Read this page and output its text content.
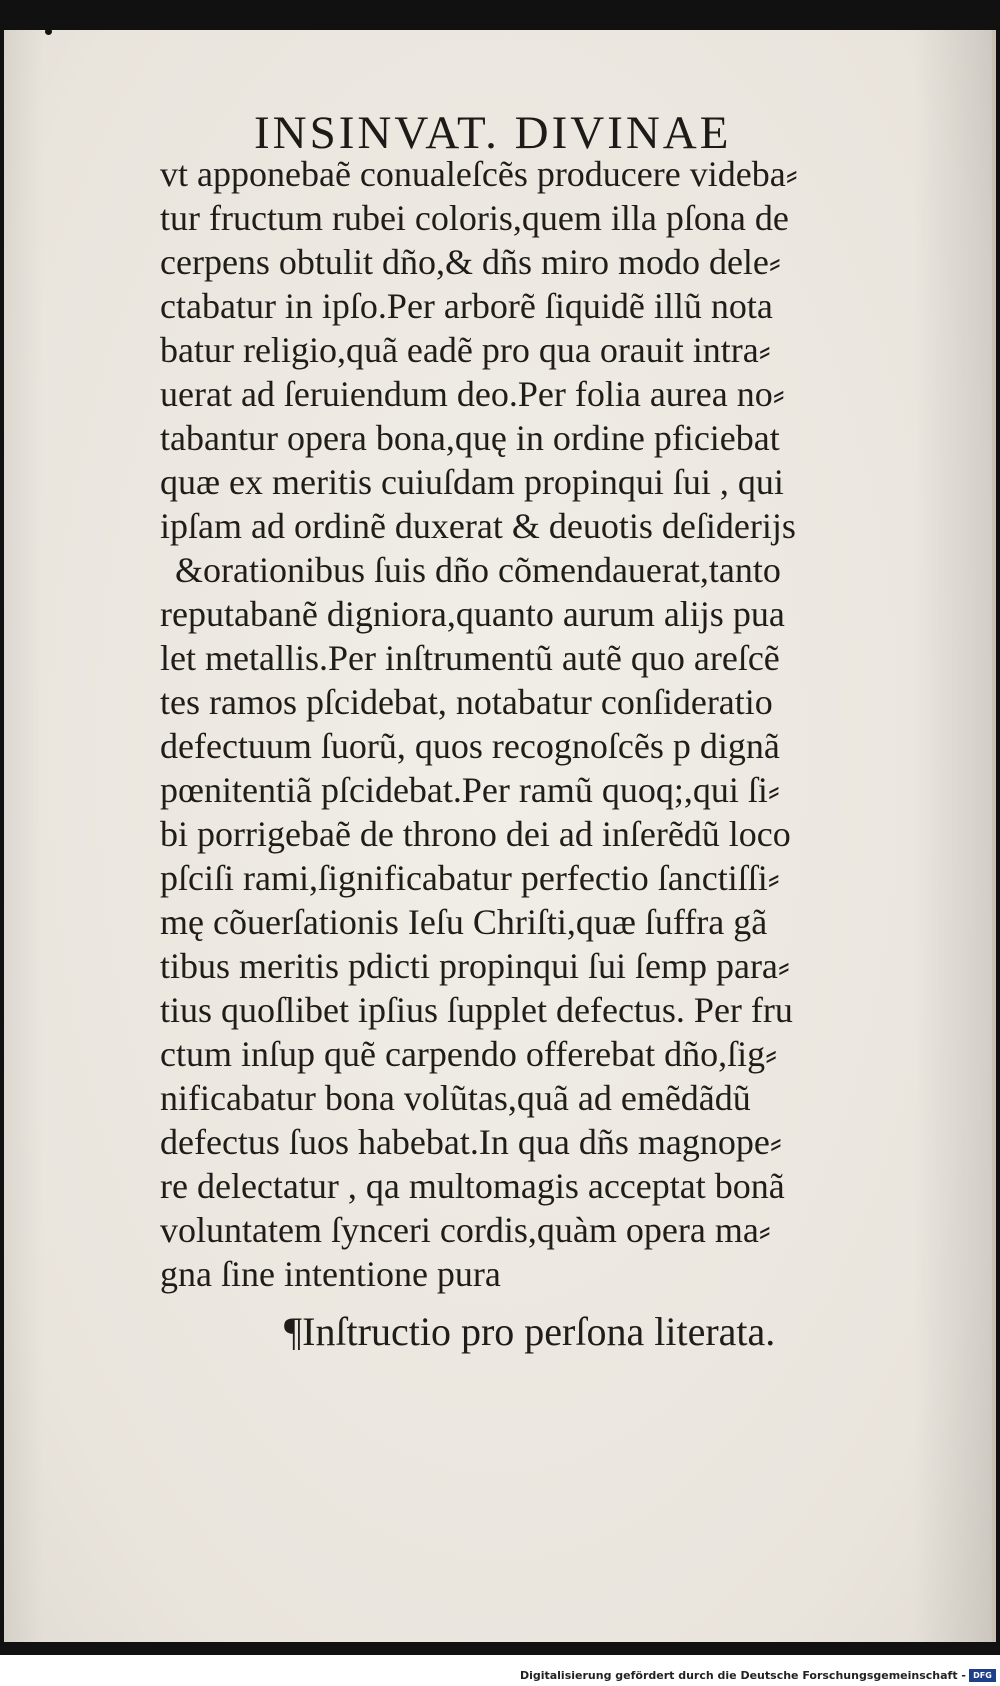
INSINVAT. DIVINAE
vt apponebaẽ conualeſcẽs producere videba⸗
tur fructum rubei coloris,quem illa pſona de
cerpens obtulit dño,& dñs miro modo dele⸗
ctabatur in ipſo.Per arborẽ ſiquidẽ illũ nota
batur religio,quã eadẽ pro qua orauit intra⸗
uerat ad ſeruiendum deo.Per folia aurea no⸗
tabantur opera bona,quę in ordine pficiebat
quæ ex meritis cuiuſdam propinqui ſui , qui
ipſam ad ordinẽ duxerat & deuotis deſiderijs
&orationibus ſuis dño cõmendauerat,tanto
reputabanẽ digniora,quanto aurum alijs pua
let metallis.Per inſtrumentũ autẽ quo areſcẽ
tes ramos pſcidebat, notabatur conſideratio
defectuum ſuorũ, quos recognoſcẽs p dignã
pœnitentiã pſcidebat.Per ramũ quoq;,qui ſi⸗
bi porrigebaẽ de throno dei ad inſerẽdũ loco
pſciſi rami,ſignificabatur perfectio ſanctiſſi⸗
mę cõuerſationis Ieſu Chriſti,quæ ſuffra gã
tibus meritis pdicti propinqui ſui ſemp para⸗
tius quoſlibet ipſius ſupplet defectus. Per fru
ctum inſup quẽ carpendo offerebat dño,ſig⸗
nificabatur bona volũtas,quã ad emẽdãdũ
defectus ſuos habebat.In qua dñs magnope⸗
re delectatur , qa multomagis acceptat bonã
voluntatem ſynceri cordis,quàm opera ma⸗
gna ſine intentione pura
¶Inſtructio pro perſona literata.
Digitalisierung gefördert durch die Deutsche Forschungsgemeinschaft - DFG
